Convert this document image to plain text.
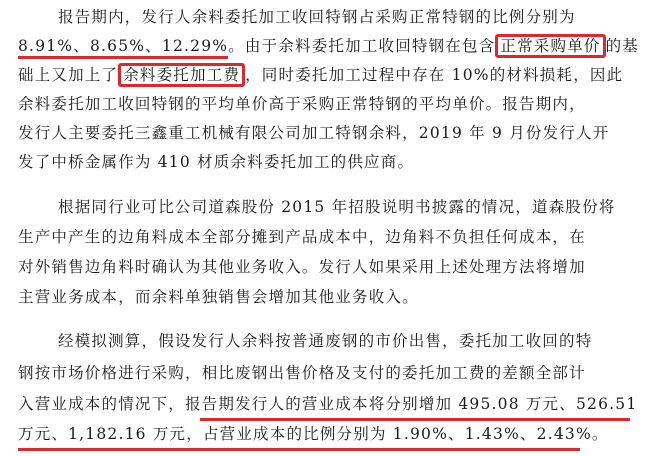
报告期内，发行人余料委托加工收回特钢占采购正常特钢的比例分别为
8.91%、8.65%、12.29%。由于余料委托加工收回特钢在包含 正常采购单价 的基
础上又加上了 余料委托加工费 ，同时委托加工过程中存在 10%的材料损耗，因此
余料委托加工收回特钢的平均单价高于采购正常特钢的平均单价。报告期内，
发行人主要委托三鑫重工机械有限公司加工特钢余料，2019 年 9 月份发行人开
发了中桥金属作为 410 材质余料委托加工的供应商。
根据同行业可比公司道森股份 2015 年招股说明书披露的情况，道森股份将
生产中产生的边角料成本全部分摊到产品成本中，边角料不负担任何成本，在
对外销售边角料时确认为其他业务收入。发行人如果采用上述处理方法将增加
主营业务成本，而余料单独销售会增加其他业务收入。
经模拟测算，假设发行人余料按普通废钢的市价出售，委托加工收回的特
钢按市场价格进行采购，相比废钢出售价格及支付的委托加工费的差额全部计
入营业成本的情况下，报告期发行人的营业成本将分别增加 495.08 万元、526.51
万元、1,182.16 万元，占营业成本的比例分别为 1.90%、1.43%、2.43%。
